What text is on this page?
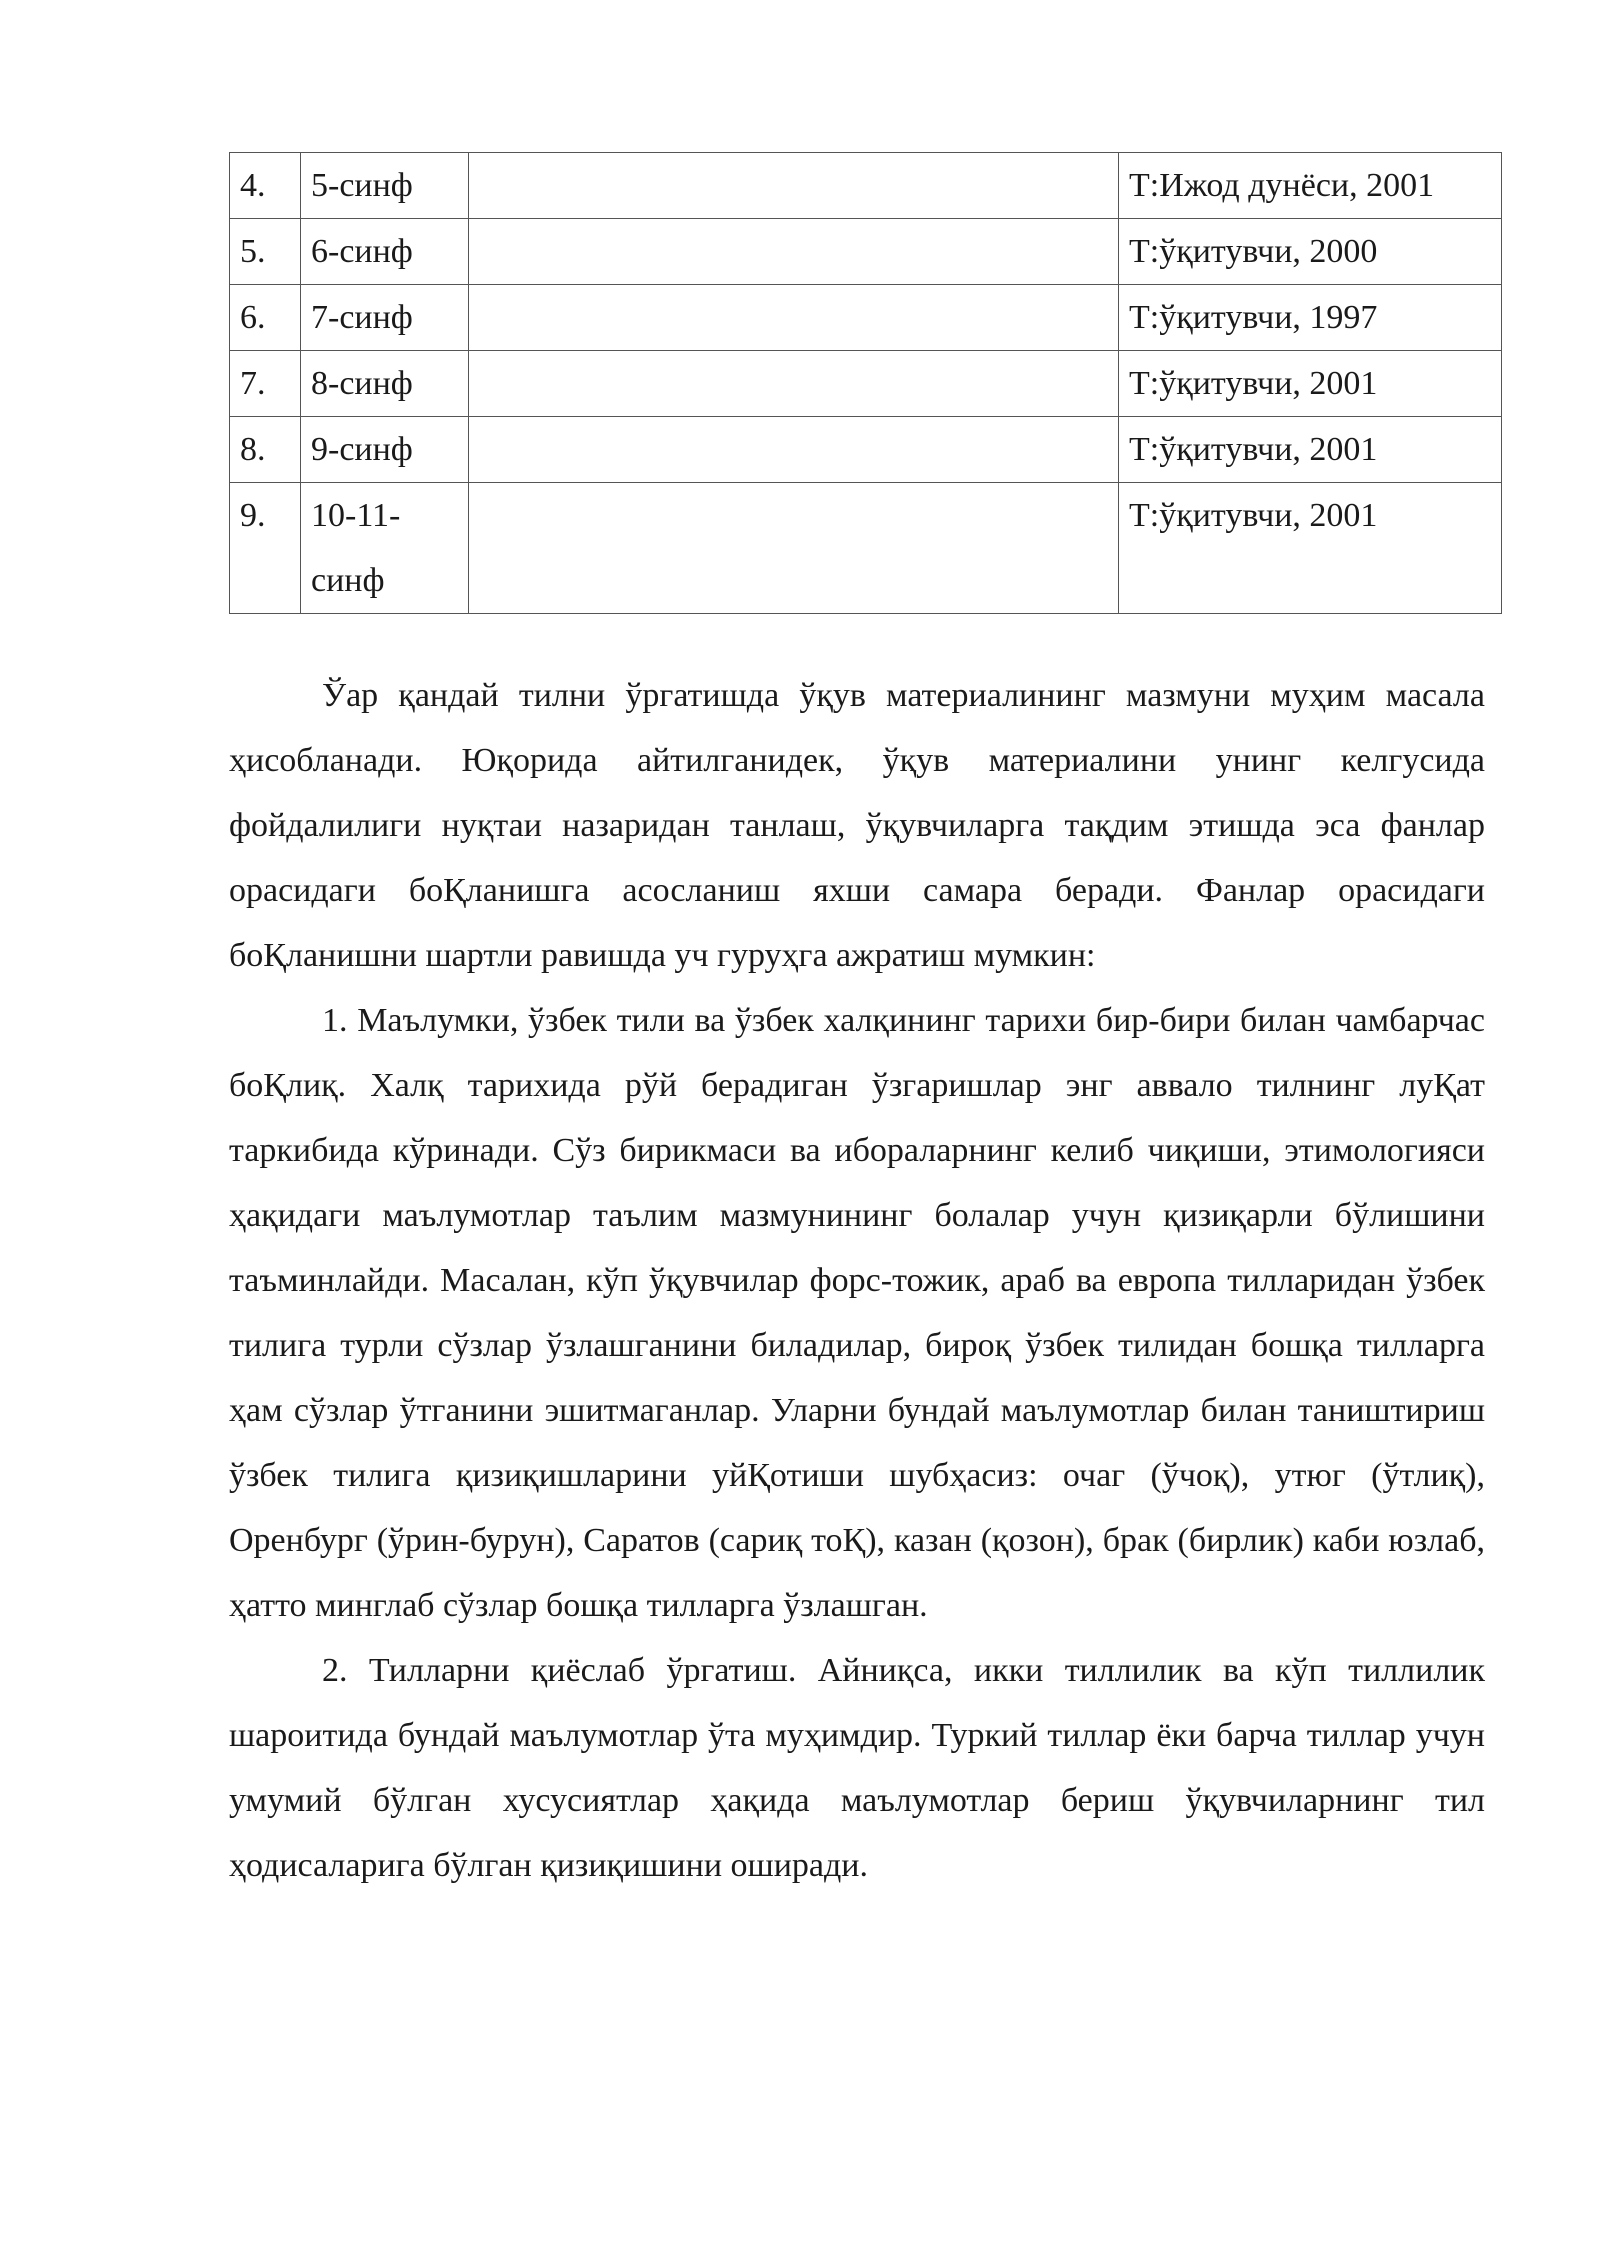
4.	5-синф		Т:Ижод дунёси, 2001
5.	6-синф		Т:ўқитувчи, 2000
6.	7-синф		Т:ўқитувчи, 1997
7.	8-синф		Т:ўқитувчи, 2001
8.	9-синф		Т:ўқитувчи, 2001
9.	10-11-синф		Т:ўқитувчи, 2001

Ўар қандай тилни ўргатишда ўқув материалининг мазмуни муҳим масала ҳисобланади. Юқорида айтилганидек, ўқув материалини унинг келгусида фойдалилиги нуқтаи назаридан танлаш, ўқувчиларга тақдим этишда эса фанлар орасидаги боҚланишга асосланиш яхши самара беради. Фанлар орасидаги боҚланишни шартли равишда уч гуруҳга ажратиш мумкин:

1. Маълумки, ўзбек тили ва ўзбек халқининг тарихи бир-бири билан чамбарчас боҚлиқ. Халқ тарихида рўй берадиган ўзгаришлар энг аввало тилнинг луҚат таркибида кўринади. Сўз бирикмаси ва ибораларнинг келиб чиқиши, этимологияси ҳақидаги маълумотлар таълим мазмунининг болалар учун қизиқарли бўлишини таъминлайди. Масалан, кўп ўқувчилар форс-тожик, араб ва европа тилларидан ўзбек тилига турли сўзлар ўзлашганини биладилар, бироқ ўзбек тилидан бошқа тилларга ҳам сўзлар ўтганини эшитмаганлар. Уларни бундай маълумотлар билан таништириш ўзбек тилига қизиқишларини уйҚотиши шубҳасиз: очаг (ўчоқ), утюг (ўтлиқ), Оренбург (ўрин-бурун), Саратов (сариқ тоҚ), казан (қозон), брак (бирлик) каби юзлаб, ҳатто минглаб сўзлар бошқа тилларга ўзлашган.

2. Тилларни қиёслаб ўргатиш. Айниқса, икки тиллилик ва кўп тиллилик шароитида бундай маълумотлар ўта муҳимдир. Туркий тиллар ёки барча тиллар учун умумий бўлган хусусиятлар ҳақида маълумотлар бериш ўқувчиларнинг тил ҳодисаларига бўлган қизиқишини оширади.
